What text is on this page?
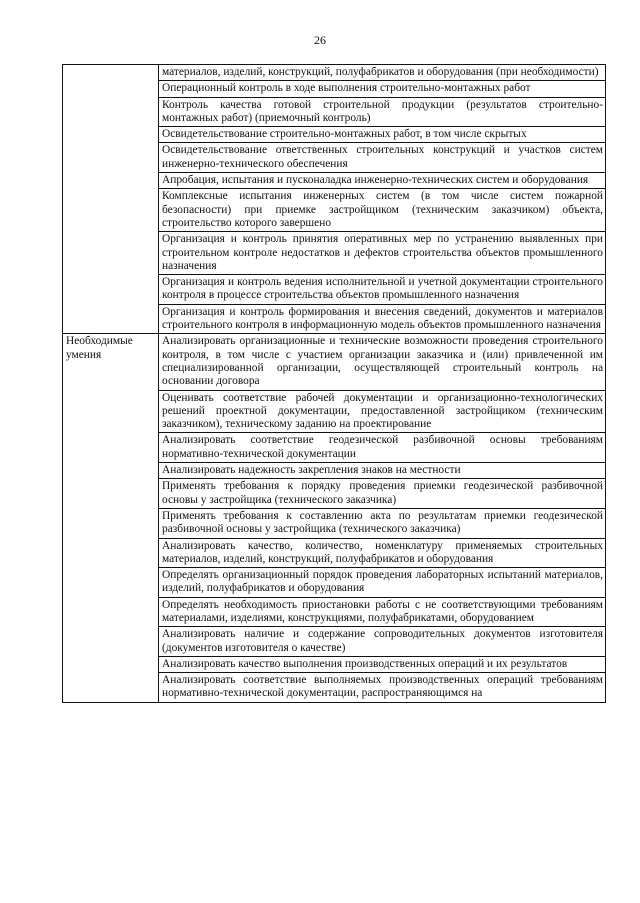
26
	материалов, изделий, конструкций, полуфабрикатов и оборудования (при необходимости)
	Операционный контроль в ходе выполнения строительно-монтажных работ
	Контроль качества готовой строительной продукции (результатов строительно-монтажных работ) (приемочный контроль)
	Освидетельствование строительно-монтажных работ, в том числе скрытых
	Освидетельствование ответственных строительных конструкций и участков систем инженерно-технического обеспечения
	Апробация, испытания и пусконаладка инженерно-технических систем и оборудования
	Комплексные испытания инженерных систем (в том числе систем пожарной безопасности) при приемке застройщиком (техническим заказчиком) объекта, строительство которого завершено
	Организация и контроль принятия оперативных мер по устранению выявленных при строительном контроле недостатков и дефектов строительства объектов промышленного назначения
	Организация и контроль ведения исполнительной и учетной документации строительного контроля в процессе строительства объектов промышленного назначения
	Организация и контроль формирования и внесения сведений, документов и материалов строительного контроля в информационную модель объектов промышленного назначения
Необходимые умения	Анализировать организационные и технические возможности проведения строительного контроля, в том числе с участием организации заказчика и (или) привлеченной им специализированной организации, осуществляющей строительный контроль на основании договора
	Оценивать соответствие рабочей документации и организационно-технологических решений проектной документации, предоставленной застройщиком (техническим заказчиком), техническому заданию на проектирование
	Анализировать соответствие геодезической разбивочной основы требованиям нормативно-технической документации
	Анализировать надежность закрепления знаков на местности
	Применять требования к порядку проведения приемки геодезической разбивочной основы у застройщика (технического заказчика)
	Применять требования к составлению акта по результатам приемки геодезической разбивочной основы у застройщика (технического заказчика)
	Анализировать качество, количество, номенклатуру применяемых строительных материалов, изделий, конструкций, полуфабрикатов и оборудования
	Определять организационный порядок проведения лабораторных испытаний материалов, изделий, полуфабрикатов и оборудования
	Определять необходимость приостановки работы с не соответствующими требованиям материалами, изделиями, конструкциями, полуфабрикатами, оборудованием
	Анализировать наличие и содержание сопроводительных документов изготовителя (документов изготовителя о качестве)
	Анализировать качество выполнения производственных операций и их результатов
	Анализировать соответствие выполняемых производственных операций требованиям нормативно-технической документации, распространяющимся на
